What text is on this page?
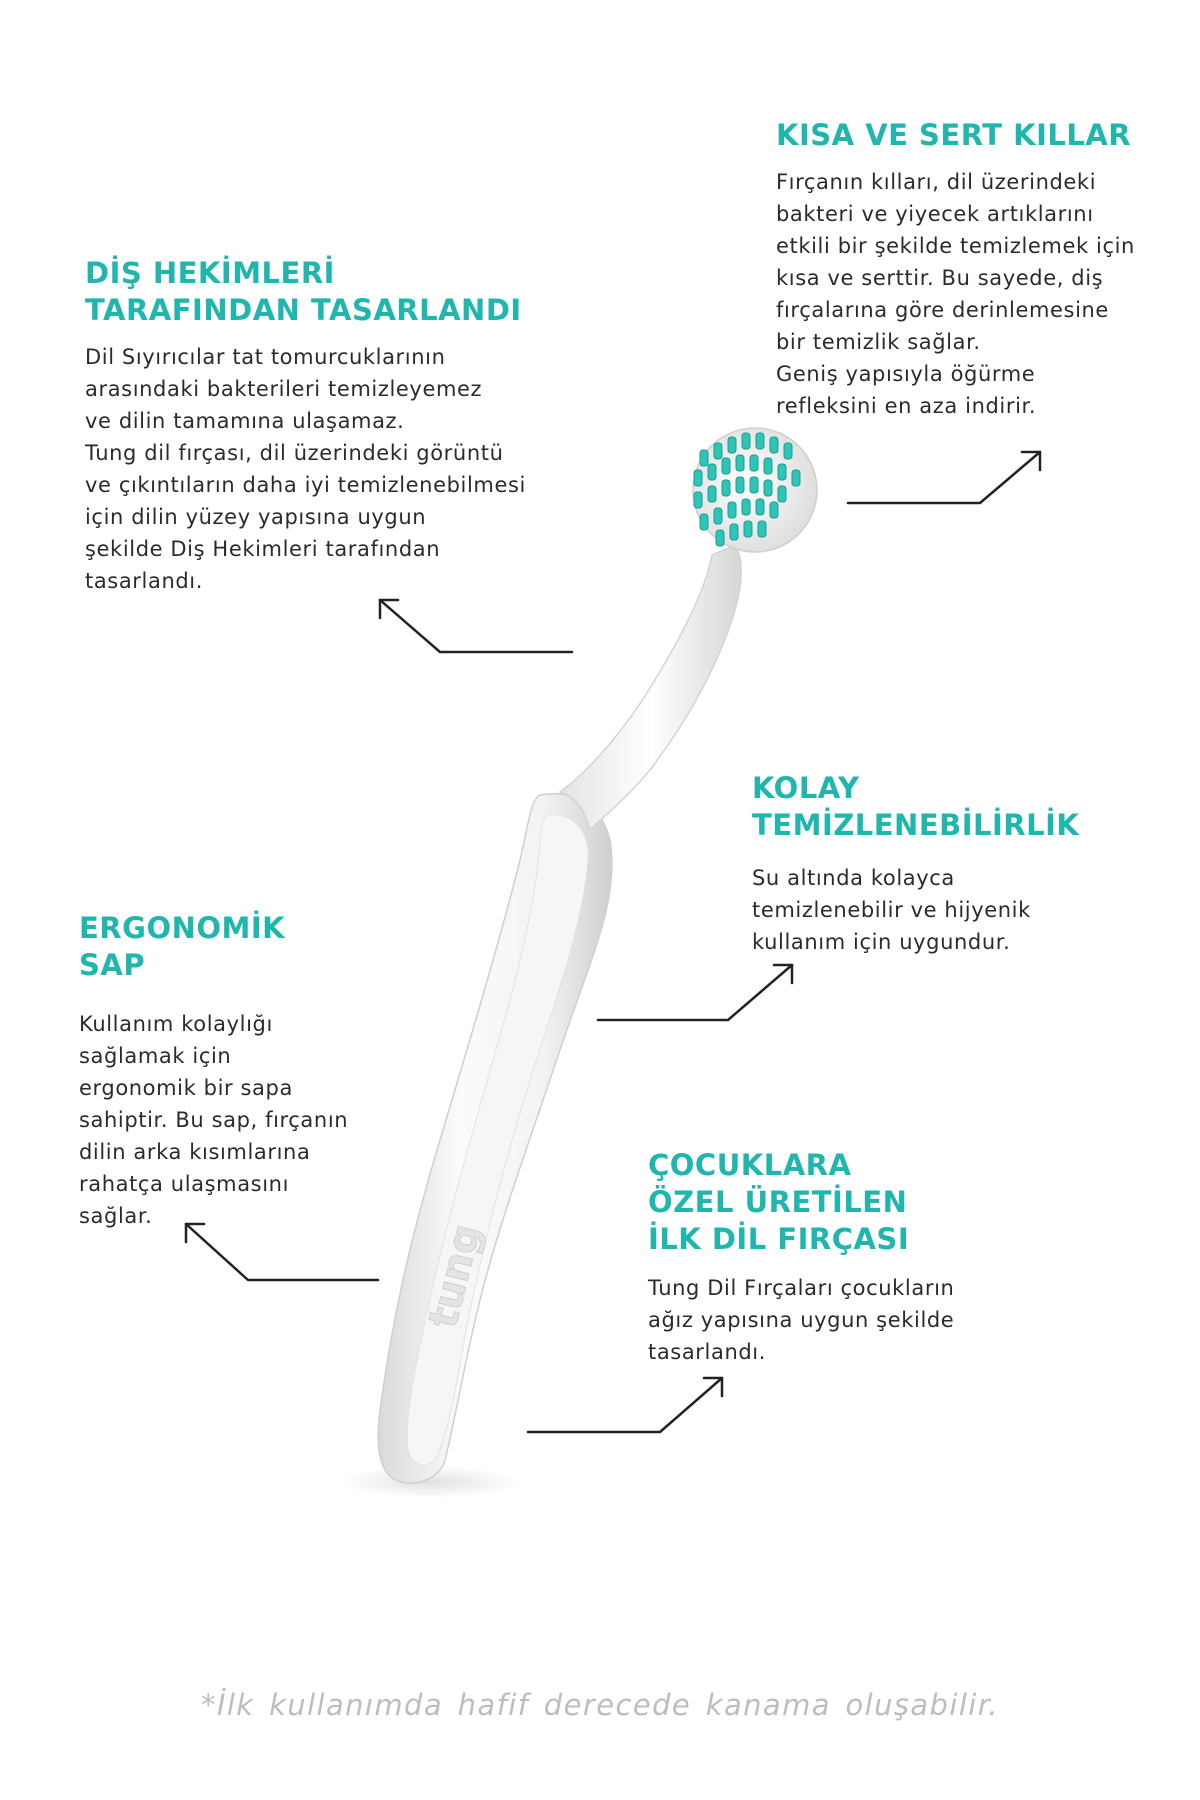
tung
KISA VE SERT KILLAR
Fırçanın kılları, dil üzerindeki
bakteri ve yiyecek artıklarını
etkili bir şekilde temizlemek için
kısa ve serttir. Bu sayede, diş
fırçalarına göre derinlemesine
bir temizlik sağlar.
Geniş yapısıyla öğürme
refleksini en aza indirir.
DİŞ HEKİMLERİ
TARAFINDAN TASARLANDI
Dil Sıyırıcılar tat tomurcuklarının
arasındaki bakterileri temizleyemez
ve dilin tamamına ulaşamaz.
Tung dil fırçası, dil üzerindeki görüntü
ve çıkıntıların daha iyi temizlenebilmesi
için dilin yüzey yapısına uygun
şekilde Diş Hekimleri tarafından
tasarlandı.
KOLAY
TEMİZLENEBİLİRLİK
Su altında kolayca
temizlenebilir ve hijyenik
kullanım için uygundur.
ERGONOMİK
SAP
Kullanım kolaylığı
sağlamak için
ergonomik bir sapa
sahiptir. Bu sap, fırçanın
dilin arka kısımlarına
rahatça ulaşmasını
sağlar.
ÇOCUKLARA
ÖZEL ÜRETİLEN
İLK DİL FIRÇASI
Tung Dil Fırçaları çocukların
ağız yapısına uygun şekilde
tasarlandı.
*İlk kullanımda hafif derecede kanama oluşabilir.
